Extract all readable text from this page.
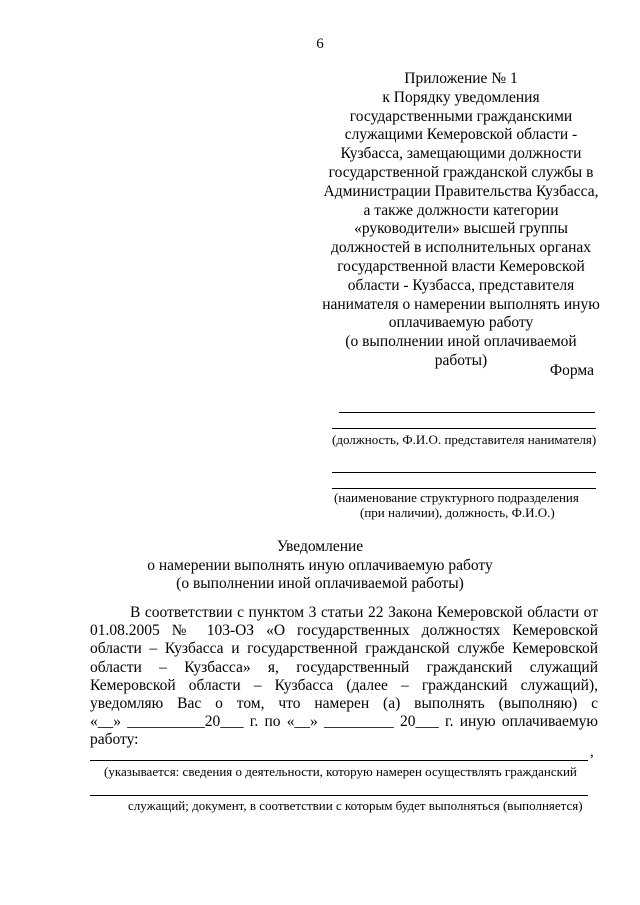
6
Приложение № 1
к Порядку уведомления
государственными гражданскими
служащими Кемеровской области -
Кузбасса, замещающими должности
государственной гражданской службы в
Администрации Правительства Кузбасса,
а также должности категории
«руководители» высшей группы
должностей в исполнительных органах
государственной власти Кемеровской
области - Кузбасса, представителя
нанимателя о намерении выполнять иную
оплачиваемую работу
(о выполнении иной оплачиваемой
работы)
Форма
(должность, Ф.И.О. представителя нанимателя)
(наименование структурного подразделения
(при наличии), должность, Ф.И.О.)
Уведомление
о намерении выполнять иную оплачиваемую работу
(о выполнении иной оплачиваемой работы)
В соответствии с пунктом 3 статьи 22 Закона Кемеровской области от
01.08.2005 № 103-ОЗ «О государственных должностях Кемеровской
области – Кузбасса и государственной гражданской службе Кемеровской
области – Кузбасса» я, государственный гражданский служащий
Кемеровской области – Кузбасса (далее – гражданский служащий),
уведомляю Вас о том, что намерен (а) выполнять (выполняю) с
«__» __________20___ г. по «__» _________ 20___ г. иную оплачиваемую
работу:
,
(указывается: сведения о деятельности, которую намерен осуществлять гражданский
служащий; документ, в соответствии с которым будет выполняться (выполняется)
